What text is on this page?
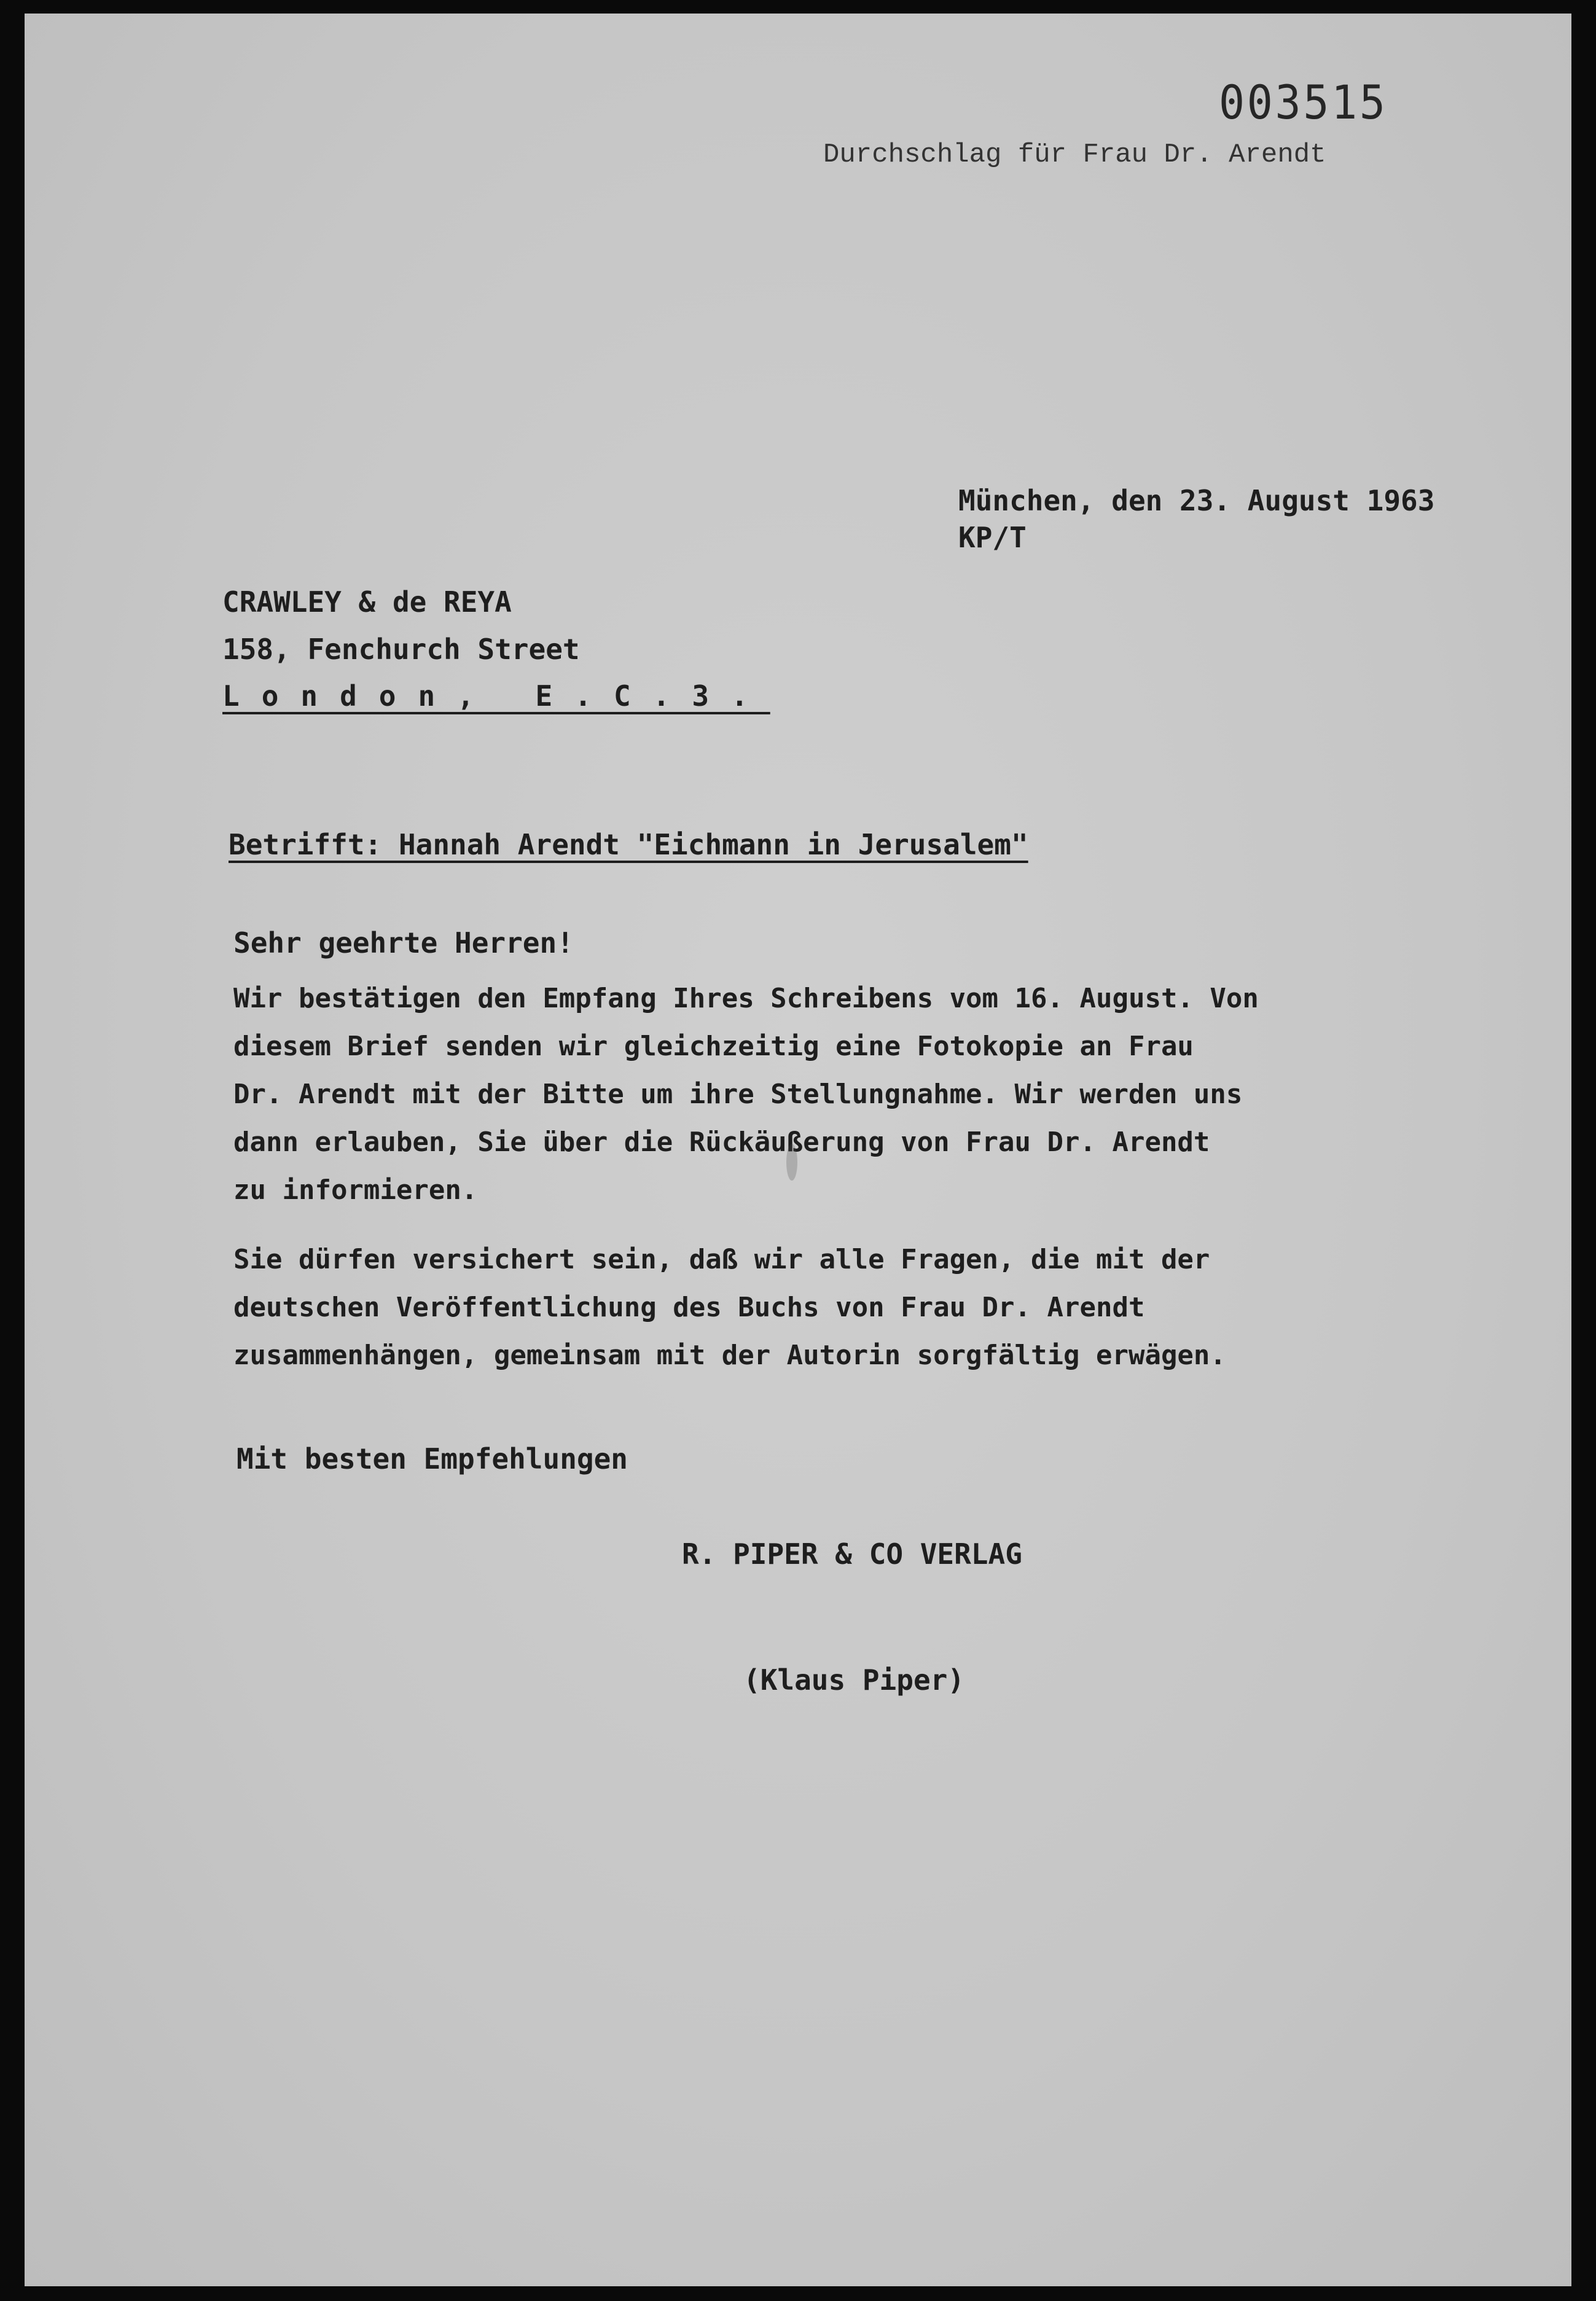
003515
Durchschlag für Frau Dr. Arendt
München, den 23. August 1963
KP/T
CRAWLEY & de REYA
158, Fenchurch Street
London, E.C.3.
Betrifft: Hannah Arendt "Eichmann in Jerusalem"
Sehr geehrte Herren!
Wir bestätigen den Empfang Ihres Schreibens vom 16. August. Von
diesem Brief senden wir gleichzeitig eine Fotokopie an Frau
Dr. Arendt mit der Bitte um ihre Stellungnahme. Wir werden uns
dann erlauben, Sie über die Rückäußerung von Frau Dr. Arendt
zu informieren.
Sie dürfen versichert sein, daß wir alle Fragen, die mit der
deutschen Veröffentlichung des Buchs von Frau Dr. Arendt
zusammenhängen, gemeinsam mit der Autorin sorgfältig erwägen.
Mit besten Empfehlungen
R. PIPER & CO VERLAG
(Klaus Piper)
